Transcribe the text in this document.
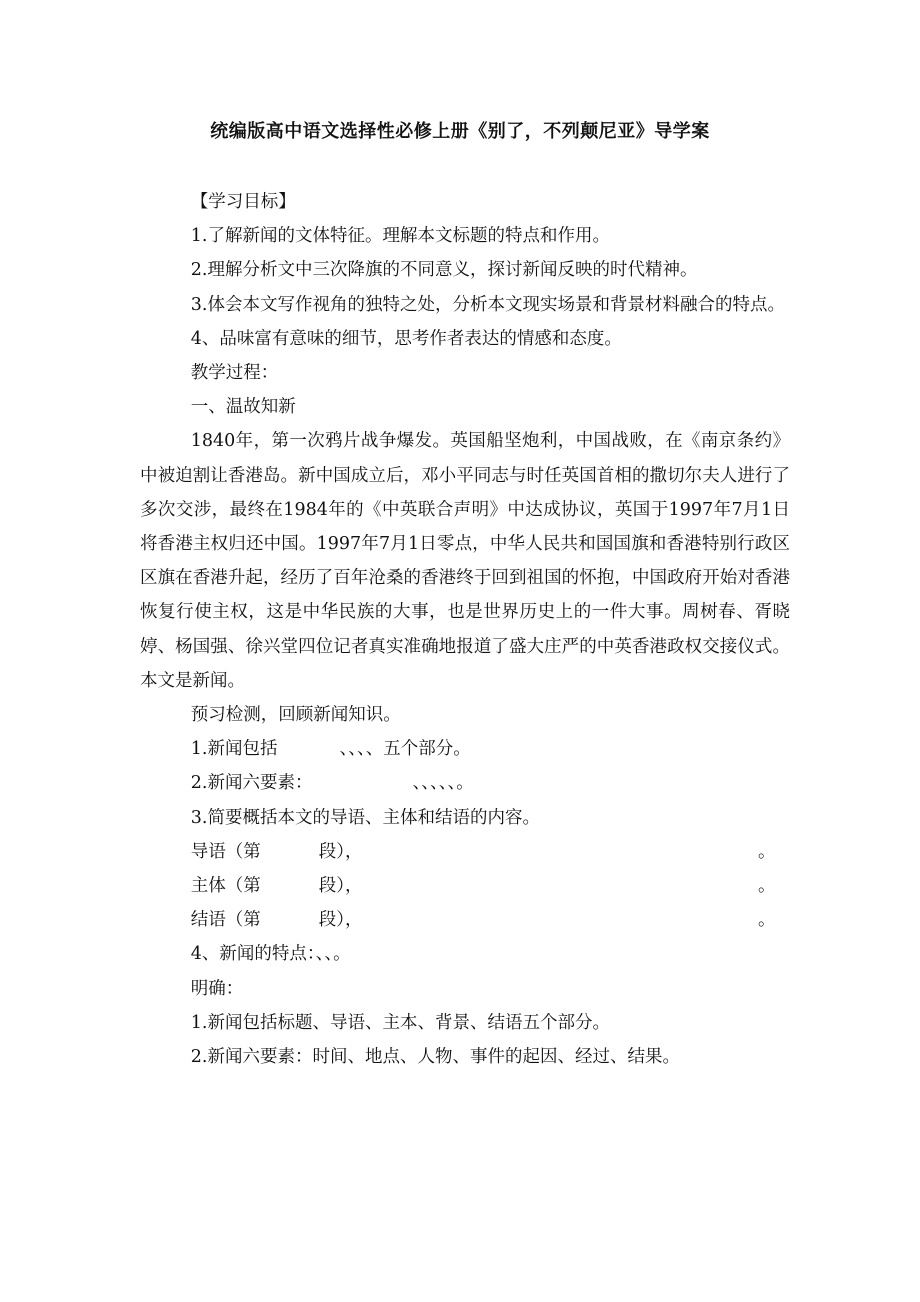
统编版高中语文选择性必修上册《别了，不列颠尼亚》导学案

【学习目标】

1.了解新闻的文体特征。理解本文标题的特点和作用。

2.理解分析文中三次降旗的不同意义，探讨新闻反映的时代精神。

3.体会本文写作视角的独特之处，分析本文现实场景和背景材料融合的特点。

4、品味富有意味的细节，思考作者表达的情感和态度。

教学过程：

一、温故知新

1840年，第一次鸦片战争爆发。英国船坚炮利，中国战败，在《南京条约》中被迫割让香港岛。新中国成立后，邓小平同志与时任英国首相的撒切尔夫人进行了多次交涉，最终在1984年的《中英联合声明》中达成协议，英国于1997年7月1日将香港主权归还中国。1997年7月1日零点，中华人民共和国国旗和香港特别行政区区旗在香港升起，经历了百年沧桑的香港终于回到祖国的怀抱，中国政府开始对香港恢复行使主权，这是中华民族的大事，也是世界历史上的一件大事。周树春、胥晓婷、杨国强、徐兴堂四位记者真实准确地报道了盛大庄严的中英香港政权交接仪式。本文是新闻。

预习检测，回顾新闻知识。

1.新闻包括	、、、、五个部分。

2.新闻六要素：	、、、、、。

3.简要概括本文的导语、主体和结语的内容。

导语（第	段），	。

主体（第	段），	。

结语（第	段），	。

4、新闻的特点：、、。

明确：

1.新闻包括标题、导语、主本、背景、结语五个部分。

2.新闻六要素：时间、地点、人物、事件的起因、经过、结果。
